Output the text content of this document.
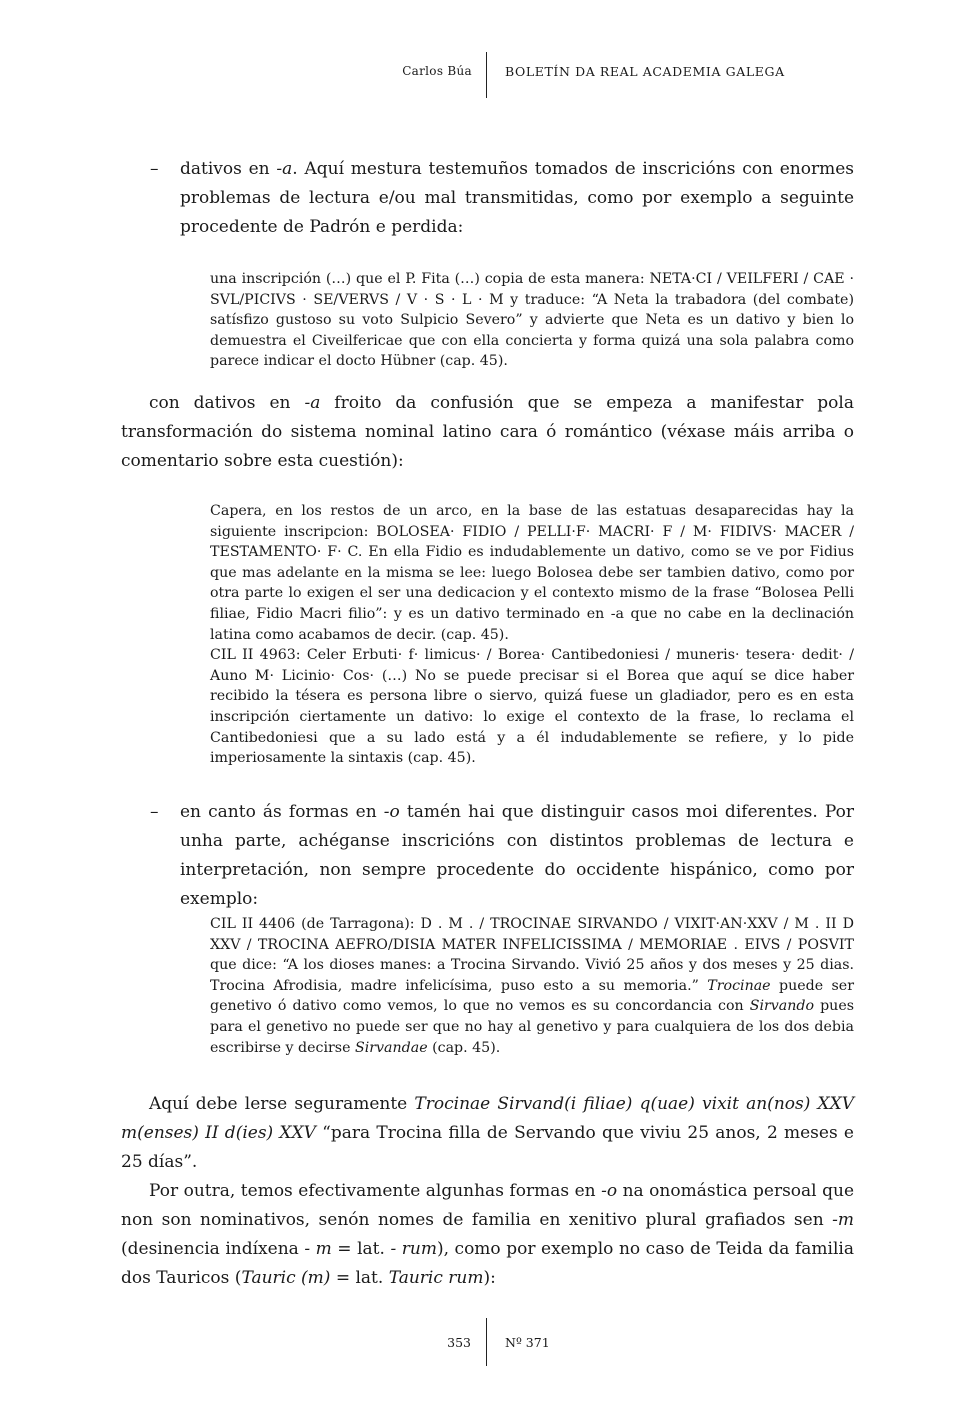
Carlos Búa	BOLETÍN DA REAL ACADEMIA GALEGA
– dativos en -a. Aquí mestura testemuños tomados de inscricións con enormes problemas de lectura e/ou mal transmitidas, como por exemplo a seguinte procedente de Padrón e perdida:

una inscripción (…) que el P. Fita (…) copia de esta manera: NETA·CI / VEILFERI / CAE · SVL/PICIVS · SE/VERVS / V · S · L · M y traduce: “A Neta la trabadora (del combate) satísfizo gustoso su voto Sulpicio Severo” y advierte que Neta es un dativo y bien lo demuestra el Civeilfericae que con ella concierta y forma quizá una sola palabra como parece indicar el docto Hübner (cap. 45).

con dativos en -a froito da confusión que se empeza a manifestar pola transformación do sistema nominal latino cara ó romántico (véxase máis arriba o comentario sobre esta cuestión):

Capera, en los restos de un arco, en la base de las estatuas desaparecidas hay la siguiente inscripcion: BOLOSEA· FIDIO / PELLI·F· MACRI· F / M· FIDIVS· MACER / TESTAMENTO· F· C. En ella Fidio es indudablemente un dativo, como se ve por Fidius que mas adelante en la misma se lee: luego Bolosea debe ser tambien dativo, como por otra parte lo exigen el ser una dedicacion y el contexto mismo de la frase “Bolosea Pelli filiae, Fidio Macri filio”: y es un dativo terminado en -a que no cabe en la declinación latina como acabamos de decir. (cap. 45).

CIL II 4963: Celer Erbuti· f· limicus· / Borea· Cantibedoniesi / muneris· tesera· dedit· / Auno M· Licinio· Cos· (…) No se puede precisar si el Borea que aquí se dice haber recibido la tésera es persona libre o siervo, quizá fuese un gladiador, pero es en esta inscripción ciertamente un dativo: lo exige el contexto de la frase, lo reclama el Cantibedoniesi que a su lado está y a él indudablemente se refiere, y lo pide imperiosamente la sintaxis (cap. 45).

– en canto ás formas en -o tamén hai que distinguir casos moi diferentes. Por unha parte, achéganse inscricións con distintos problemas de lectura e interpretación, non sempre procedente do occidente hispánico, como por exemplo:

CIL II 4406 (de Tarragona): D . M . / TROCINAE SIRVANDO / VIXIT·AN·XXV / M . II D XXV / TROCINA AEFRO/DISIA MATER INFELICISSIMA / MEMORIAE . EIVS / POSVIT que dice: “A los dioses manes: a Trocina Sirvando. Vivió 25 años y dos meses y 25 dias. Trocina Afrodisia, madre infelicísima, puso esto a su memoria.” Trocinae puede ser genetivo ó dativo como vemos, lo que no vemos es su concordancia con Sirvando pues para el genetivo no puede ser que no hay al genetivo y para cualquiera de los dos debia escribirse y decirse Sirvandae (cap. 45).

Aquí debe lerse seguramente Trocinae Sirvand(i filiae) q(uae) vixit an(nos) XXV m(enses) II d(ies) XXV “para Trocina filla de Servando que viviu 25 anos, 2 meses e 25 días”.

Por outra, temos efectivamente algunhas formas en -o na onomástica persoal que non son nominativos, senón nomes de familia en xenitivo plural grafiados sen -m (desinencia indíxena - m = lat. - rum), como por exemplo no caso de Teida da familia dos Tauricos (Tauric (m) = lat. Tauric rum):

353	Nº 371
